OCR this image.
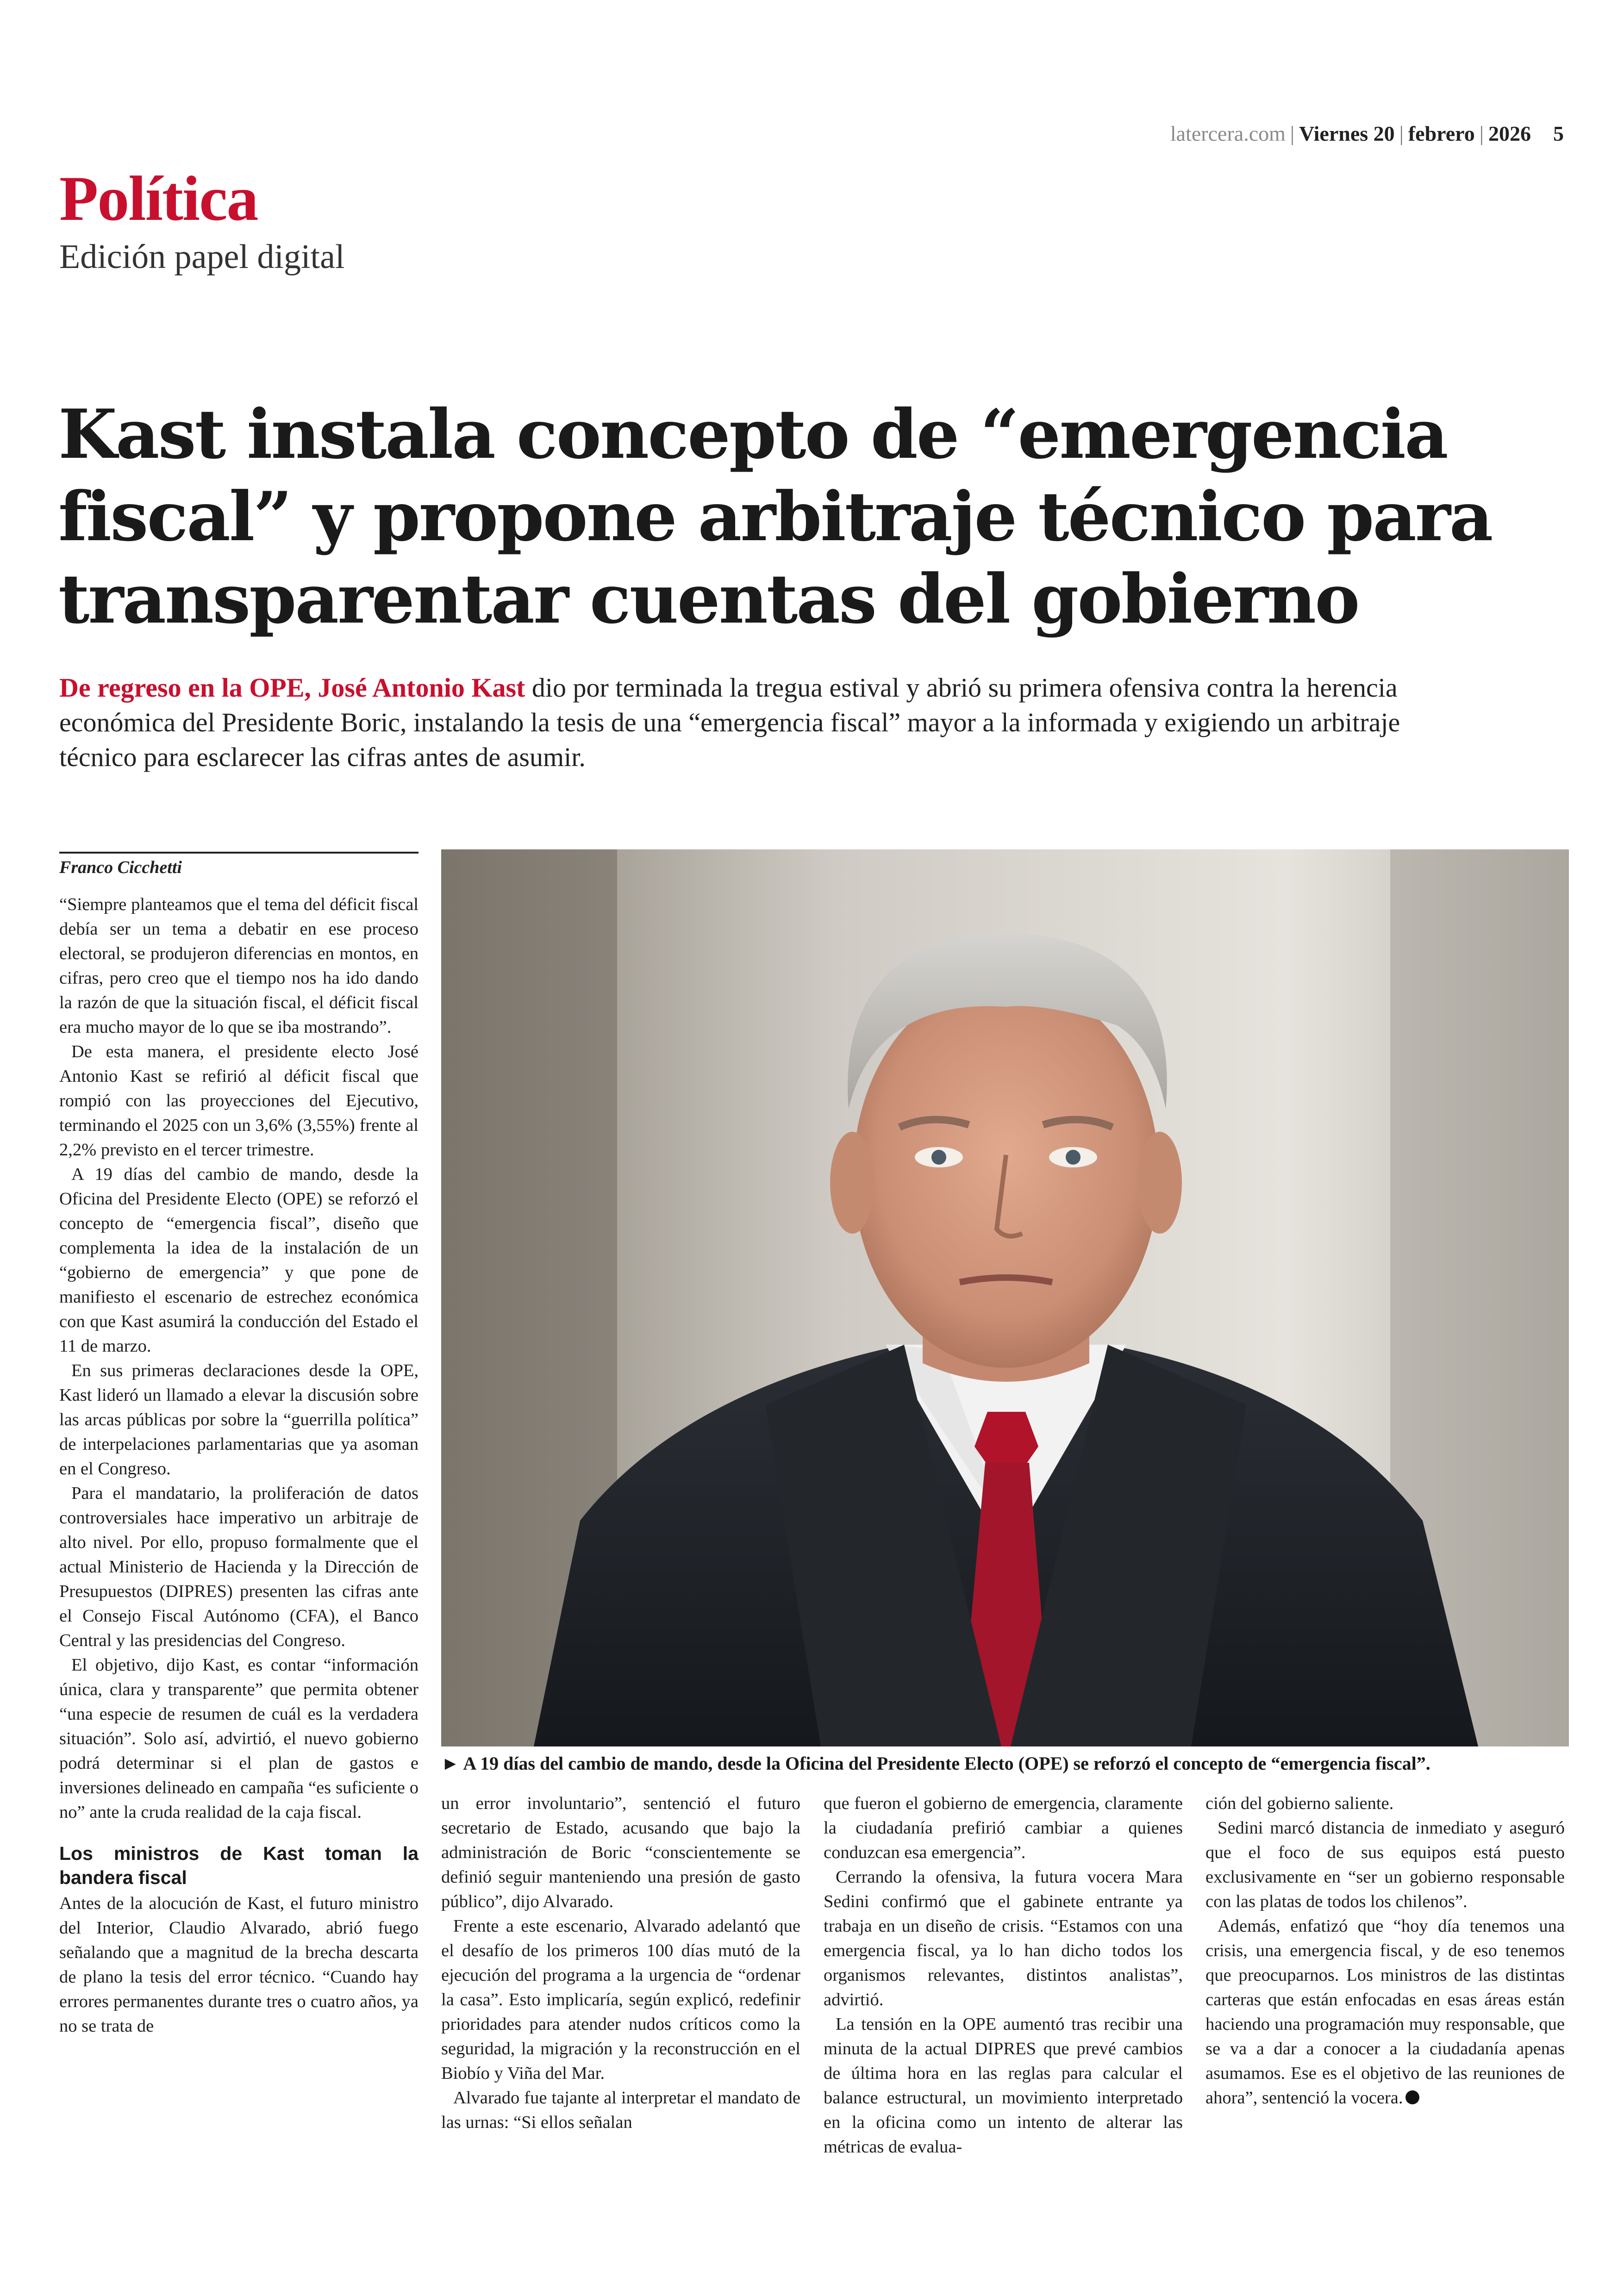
latercera.com | Viernes 20 | febrero | 2026 5
Política
Edición papel digital
Kast instala concepto de “emergencia fiscal” y propone arbitraje técnico para transparentar cuentas del gobierno

De regreso en la OPE, José Antonio Kast dio por terminada la tregua estival y abrió su primera ofensiva contra la herencia económica del Presidente Boric, instalando la tesis de una “emergencia fiscal” mayor a la informada y exigiendo un arbitraje técnico para esclarecer las cifras antes de asumir.

Franco Cicchetti
► A 19 días del cambio de mando, desde la Oficina del Presidente Electo (OPE) se reforzó el concepto de “emergencia fiscal”.

“Siempre planteamos que el tema del déficit fiscal debía ser un tema a debatir en ese proceso electoral, se produjeron diferencias en montos, en cifras, pero creo que el tiempo nos ha ido dando la razón de que la situación fiscal, el déficit fiscal era mucho mayor de lo que se iba mostrando”.

De esta manera, el presidente electo José Antonio Kast se refirió al déficit fiscal que rompió con las proyecciones del Ejecutivo, terminando el 2025 con un 3,6% (3,55%) frente al 2,2% previsto en el tercer trimestre.

A 19 días del cambio de mando, desde la Oficina del Presidente Electo (OPE) se reforzó el concepto de “emergencia fiscal”, diseño que complementa la idea de la instalación de un “gobierno de emergencia” y que pone de manifiesto el escenario de estrechez económica con que Kast asumirá la conducción del Estado el 11 de marzo.

En sus primeras declaraciones desde la OPE, Kast lideró un llamado a elevar la discusión sobre las arcas públicas por sobre la “guerrilla política” de interpelaciones parlamentarias que ya asoman en el Congreso.

Para el mandatario, la proliferación de datos controversiales hace imperativo un arbitraje de alto nivel. Por ello, propuso formalmente que el actual Ministerio de Hacienda y la Dirección de Presupuestos (DIPRES) presenten las cifras ante el Consejo Fiscal Autónomo (CFA), el Banco Central y las presidencias del Congreso.

El objetivo, dijo Kast, es contar “información única, clara y transparente” que permita obtener “una especie de resumen de cuál es la verdadera situación”. Solo así, advirtió, el nuevo gobierno podrá determinar si el plan de gastos e inversiones delineado en campaña “es suficiente o no” ante la cruda realidad de la caja fiscal.

Los ministros de Kast toman la bandera fiscal

Antes de la alocución de Kast, el futuro ministro del Interior, Claudio Alvarado, abrió fuego señalando que a magnitud de la brecha descarta de plano la tesis del error técnico. “Cuando hay errores permanentes durante tres o cuatro años, ya no se trata de

un error involuntario”, sentenció el futuro secretario de Estado, acusando que bajo la administración de Boric “conscientemente se definió seguir manteniendo una presión de gasto público”, dijo Alvarado.

Frente a este escenario, Alvarado adelantó que el desafío de los primeros 100 días mutó de la ejecución del programa a la urgencia de “ordenar la casa”. Esto implicaría, según explicó, redefinir prioridades para atender nudos críticos como la seguridad, la migración y la reconstrucción en el Biobío y Viña del Mar.

Alvarado fue tajante al interpretar el mandato de las urnas: “Si ellos señalan

que fueron el gobierno de emergencia, claramente la ciudadanía prefirió cambiar a quienes conduzcan esa emergencia”.

Cerrando la ofensiva, la futura vocera Mara Sedini confirmó que el gabinete entrante ya trabaja en un diseño de crisis. “Estamos con una emergencia fiscal, ya lo han dicho todos los organismos relevantes, distintos analistas”, advirtió.

La tensión en la OPE aumentó tras recibir una minuta de la actual DIPRES que prevé cambios de última hora en las reglas para calcular el balance estructural, un movimiento interpretado en la oficina como un intento de alterar las métricas de evalua-

ción del gobierno saliente.

Sedini marcó distancia de inmediato y aseguró que el foco de sus equipos está puesto exclusivamente en “ser un gobierno responsable con las platas de todos los chilenos”.

Además, enfatizó que “hoy día tenemos una crisis, una emergencia fiscal, y de eso tenemos que preocuparnos. Los ministros de las distintas carteras que están enfocadas en esas áreas están haciendo una programación muy responsable, que se va a dar a conocer a la ciudadanía apenas asumamos. Ese es el objetivo de las reuniones de ahora”, sentenció la vocera.
